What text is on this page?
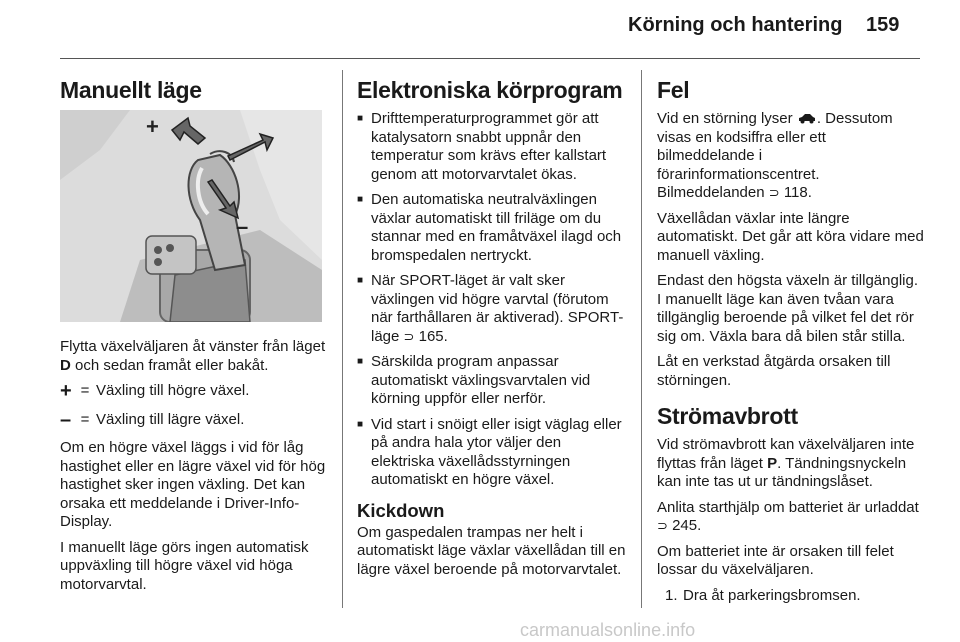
Körning och hantering 159
Manuellt läge
+
–

Flytta växelväljaren åt vänster från läget D och sedan framåt eller bakåt.

+ = Växling till högre växel.
– = Växling till lägre växel.

Om en högre växel läggs i vid för låg hastighet eller en lägre växel vid för hög hastighet sker ingen växling. Det kan orsaka ett meddelande i Driver-Info-Display.

I manuellt läge görs ingen automatisk uppväxling till högre växel vid höga motorvarvtal.

Elektroniska körprogram
■ Drifttemperaturprogrammet gör att katalysatorn snabbt uppnår den temperatur som krävs efter kallstart genom att motorvarvtalet ökas.
■ Den automatiska neutralväxlingen växlar automatiskt till friläge om du stannar med en framåtväxel ilagd och bromspedalen nertryckt.
■ När SPORT-läget är valt sker växlingen vid högre varvtal (förutom när farthållaren är aktiverad). SPORT-läge ⊃ 165.
■ Särskilda program anpassar automatiskt växlingsvarvtalen vid körning uppför eller nerför.
■ Vid start i snöigt eller isigt väglag eller på andra hala ytor väljer den elektriska växellådsstyrningen automatiskt en högre växel.
Kickdown

Om gaspedalen trampas ner helt i automatiskt läge växlar växellådan till en lägre växel beroende på motorvarvtalet.

Fel

Vid en störning lyser . Dessutom visas en kodsiffra eller ett bilmeddelande i förarinformationscentret. Bilmeddelanden ⊃ 118.

Växellådan växlar inte längre automatiskt. Det går att köra vidare med manuell växling.

Endast den högsta växeln är tillgänglig. I manuellt läge kan även tvåan vara tillgänglig beroende på vilket fel det rör sig om. Växla bara då bilen står stilla.

Låt en verkstad åtgärda orsaken till störningen.

Strömavbrott

Vid strömavbrott kan växelväljaren inte flyttas från läget P. Tändningsnyckeln kan inte tas ut ur tändningslåset.

Anlita starthjälp om batteriet är urladdat ⊃ 245.

Om batteriet inte är orsaken till felet lossar du växelväljaren.

1. Dra åt parkeringsbromsen.
carmanualsonline.info
